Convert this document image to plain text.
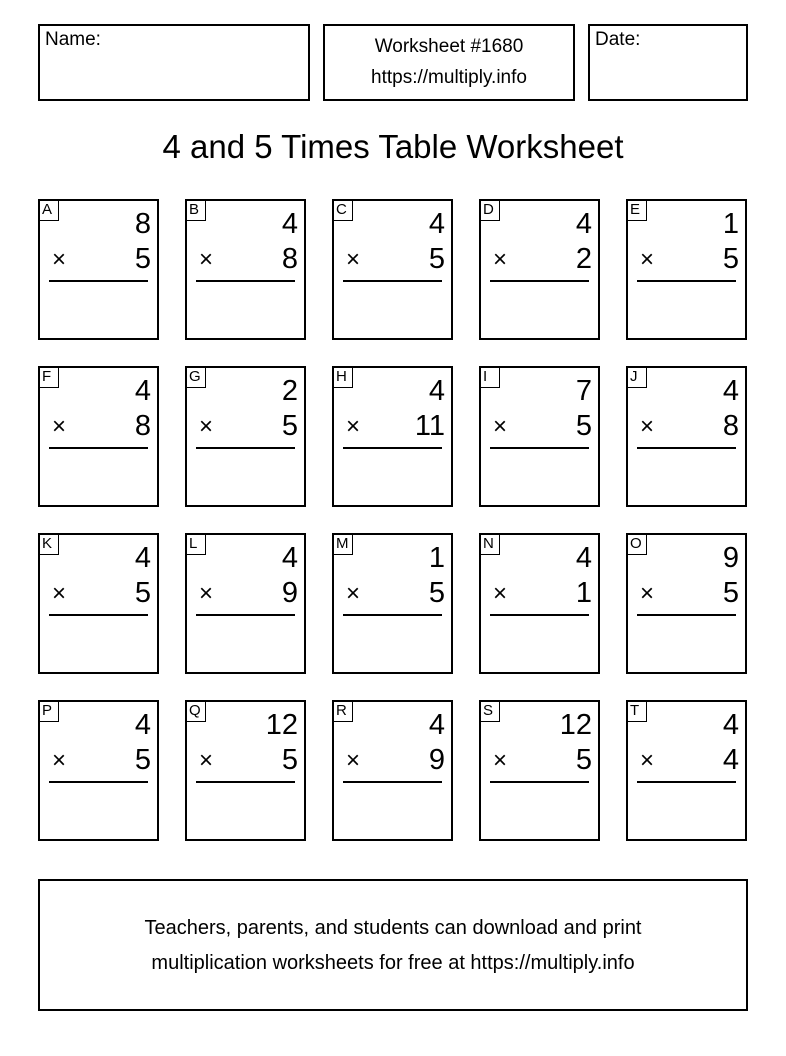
Name:	Worksheet #1680
https://multiply.info
Date:
4 and 5 Times Table Worksheet
A	8
× 5
B	4
× 8
C	4
× 5
D	4
× 2
E	1
× 5
F	4
× 8
G	2
× 5
H	4
× 11
I	7
× 5
J	4
× 8
K	4
× 5
L	4
× 9
M	1
× 5
N	4
× 1
O	9
× 5
P	4
× 5
Q 12
× 5
R	4
× 9
S 12
× 5
T	4
× 4
Teachers, parents, and students can download and print
multiplication worksheets for free at https://multiply.info
